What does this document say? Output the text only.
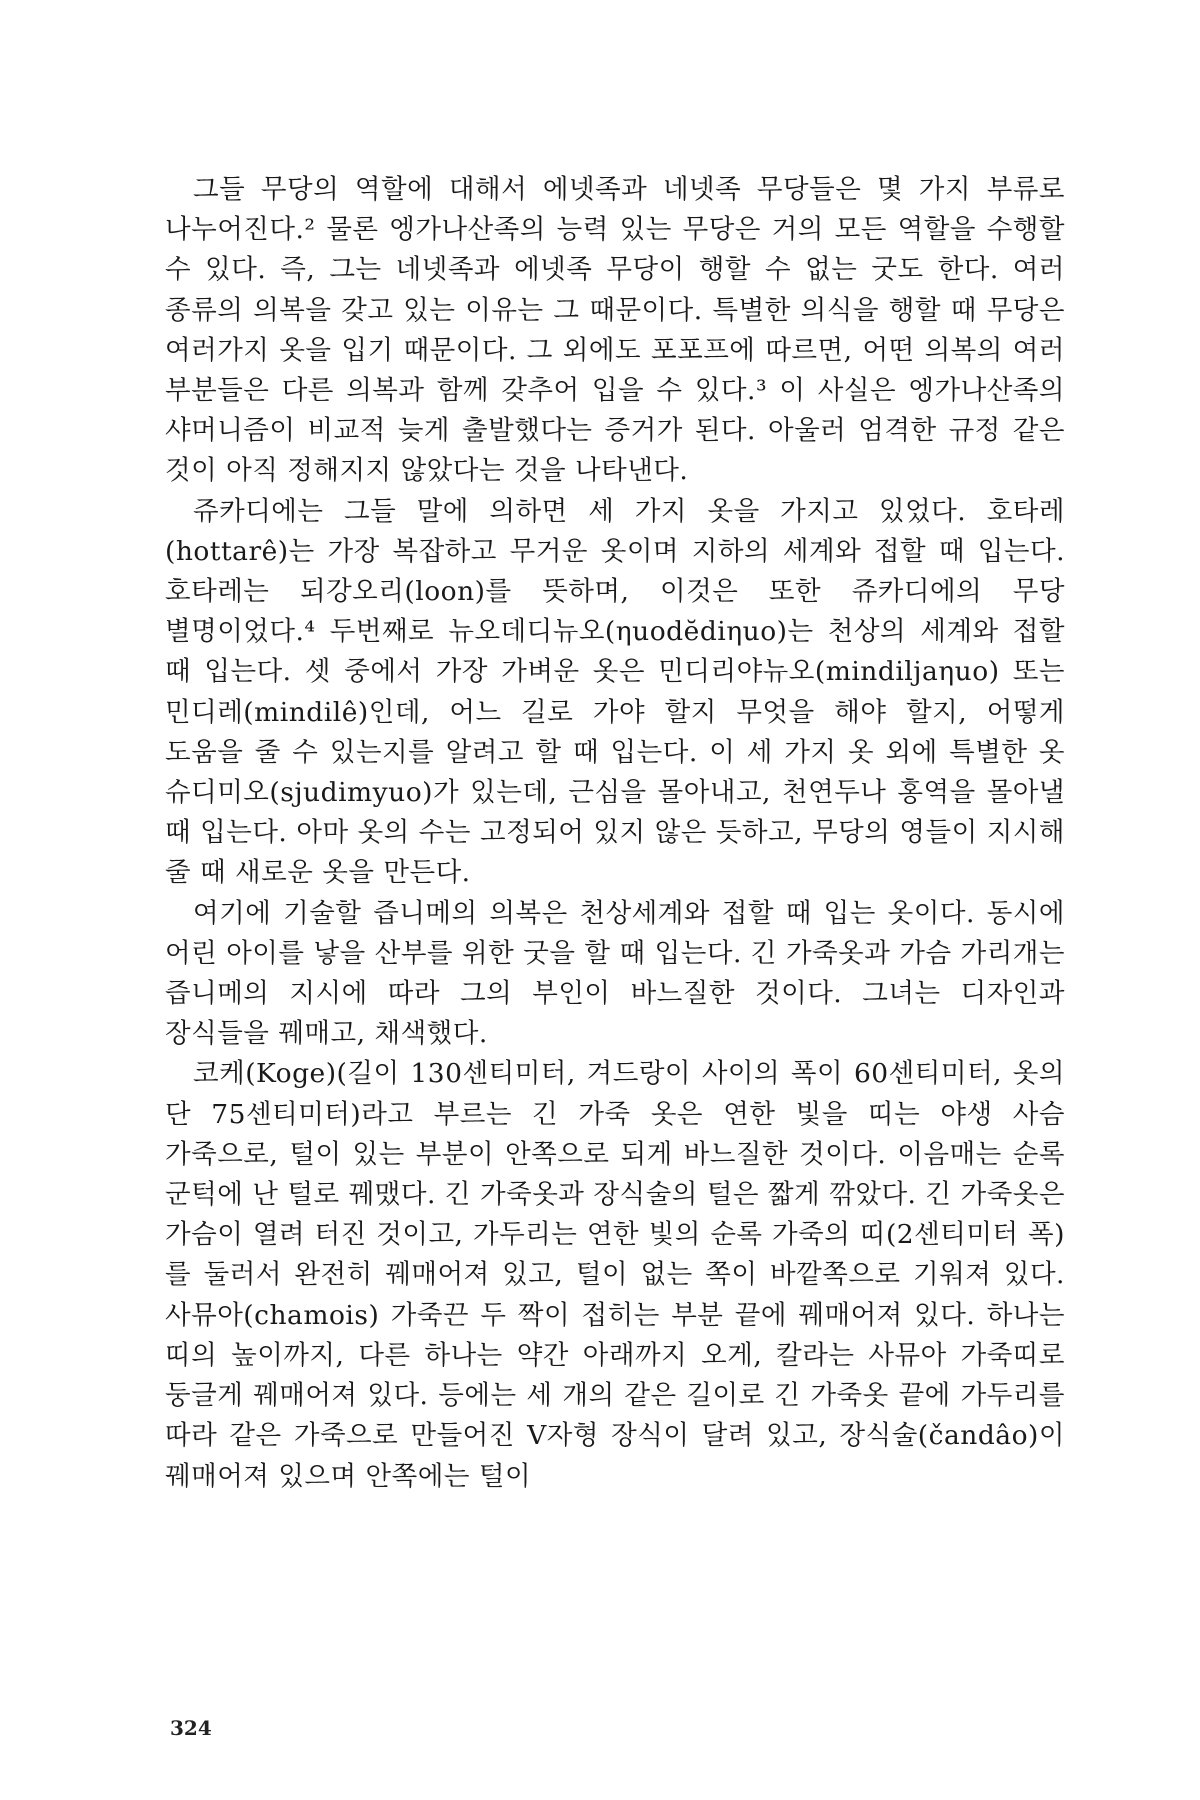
그들 무당의 역할에 대해서 에넷족과 네넷족 무당들은 몇 가지 부류로 나누어진다.² 물론 엥가나산족의 능력 있는 무당은 거의 모든 역할을 수행할 수 있다. 즉, 그는 네넷족과 에넷족 무당이 행할 수 없는 굿도 한다. 여러 종류의 의복을 갖고 있는 이유는 그 때문이다. 특별한 의식을 행할 때 무당은 여러가지 옷을 입기 때문이다. 그 외에도 포포프에 따르면, 어떤 의복의 여러 부분들은 다른 의복과 함께 갖추어 입을 수 있다.³ 이 사실은 엥가나산족의 샤머니즘이 비교적 늦게 출발했다는 증거가 된다. 아울러 엄격한 규정 같은 것이 아직 정해지지 않았다는 것을 나타낸다.

쥬카디에는 그들 말에 의하면 세 가지 옷을 가지고 있었다. 호타레(hottarê)는 가장 복잡하고 무거운 옷이며 지하의 세계와 접할 때 입는다. 호타레는 되강오리(loon)를 뜻하며, 이것은 또한 쥬카디에의 무당 별명이었다.⁴ 두번째로 뉴오데디뉴오(ηuodĕdiηuo)는 천상의 세계와 접할 때 입는다. 셋 중에서 가장 가벼운 옷은 민디리야뉴오(mindiljaηuo) 또는 민디레(mindilê)인데, 어느 길로 가야 할지 무엇을 해야 할지, 어떻게 도움을 줄 수 있는지를 알려고 할 때 입는다. 이 세 가지 옷 외에 특별한 옷 슈디미오(sjudimyuo)가 있는데, 근심을 몰아내고, 천연두나 홍역을 몰아낼 때 입는다. 아마 옷의 수는 고정되어 있지 않은 듯하고, 무당의 영들이 지시해 줄 때 새로운 옷을 만든다.

여기에 기술할 즙니메의 의복은 천상세계와 접할 때 입는 옷이다. 동시에 어린 아이를 낳을 산부를 위한 굿을 할 때 입는다. 긴 가죽옷과 가슴 가리개는 즙니메의 지시에 따라 그의 부인이 바느질한 것이다. 그녀는 디자인과 장식들을 꿰매고, 채색했다.

코케(Koge)(길이 130센티미터, 겨드랑이 사이의 폭이 60센티미터, 옷의 단 75센티미터)라고 부르는 긴 가죽 옷은 연한 빛을 띠는 야생 사슴 가죽으로, 털이 있는 부분이 안쪽으로 되게 바느질한 것이다. 이음매는 순록 군턱에 난 털로 꿰맸다. 긴 가죽옷과 장식술의 털은 짧게 깎았다. 긴 가죽옷은 가슴이 열려 터진 것이고, 가두리는 연한 빛의 순록 가죽의 띠(2센티미터 폭)를 둘러서 완전히 꿰매어져 있고, 털이 없는 쪽이 바깥쪽으로 기워져 있다. 사뮤아(chamois) 가죽끈 두 짝이 접히는 부분 끝에 꿰매어져 있다. 하나는 띠의 높이까지, 다른 하나는 약간 아래까지 오게, 칼라는 사뮤아 가죽띠로 둥글게 꿰매어져 있다. 등에는 세 개의 같은 길이로 긴 가죽옷 끝에 가두리를 따라 같은 가죽으로 만들어진 V자형 장식이 달려 있고, 장식술(čandâo)이 꿰매어져 있으며 안쪽에는 털이

324
